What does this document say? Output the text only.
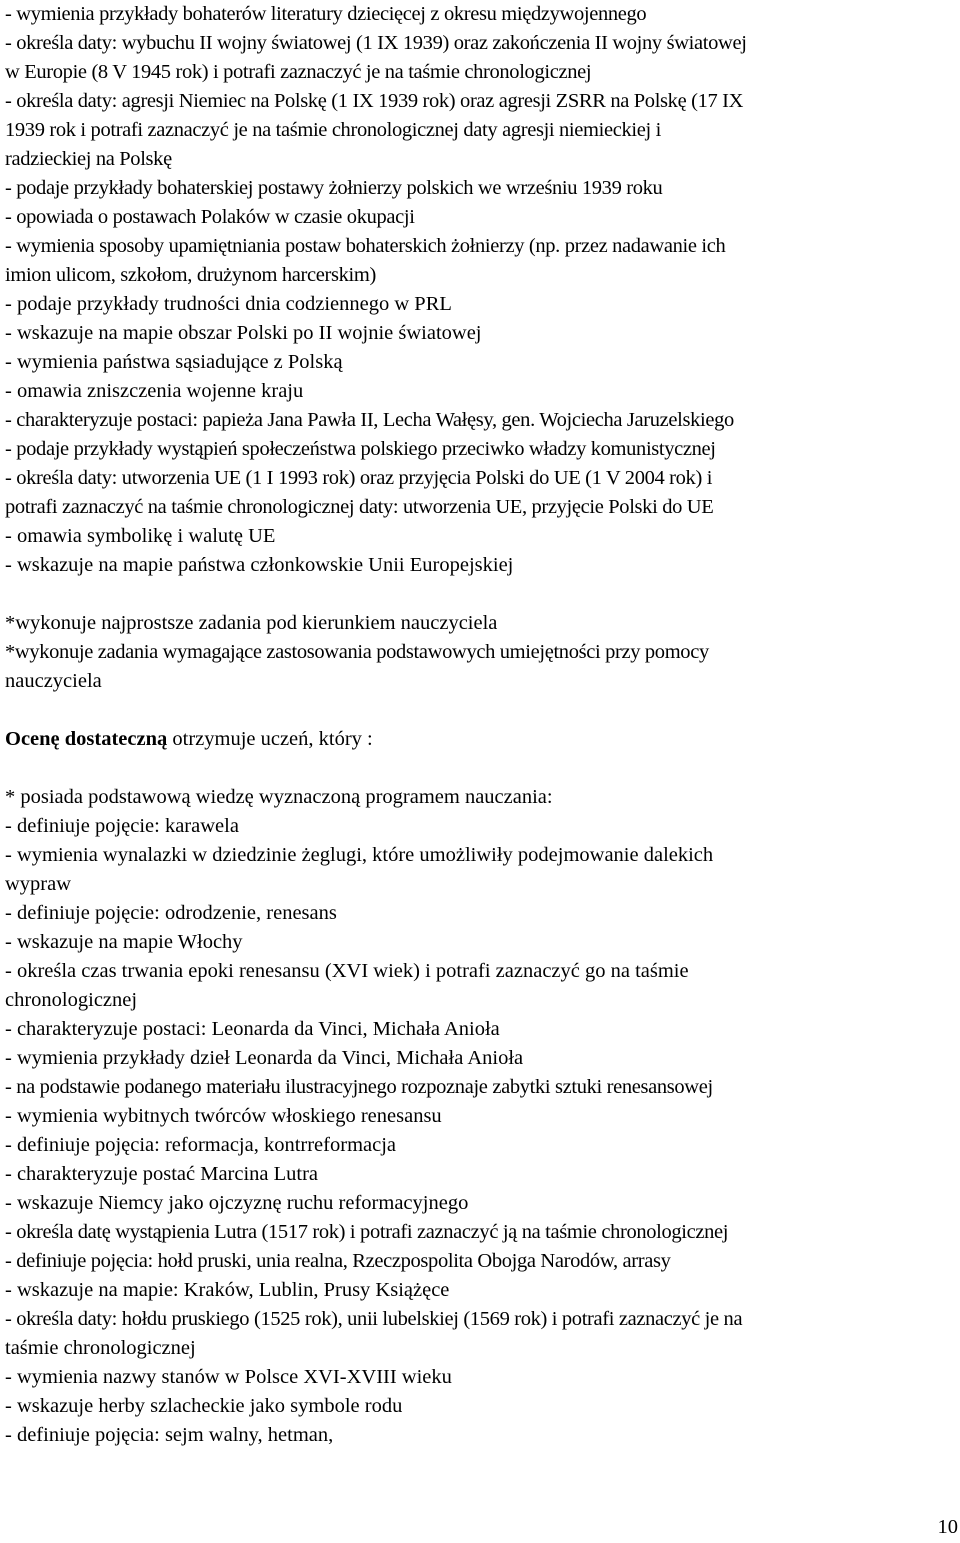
- wymienia przykłady bohaterów literatury dziecięcej z okresu międzywojennego
- określa daty: wybuchu II wojny światowej (1 IX 1939) oraz zakończenia II wojny światowej
w Europie (8 V 1945 rok) i potrafi zaznaczyć je na taśmie chronologicznej
- określa daty: agresji Niemiec na Polskę (1 IX 1939 rok) oraz agresji ZSRR na Polskę (17 IX
1939 rok i potrafi zaznaczyć je na taśmie chronologicznej daty agresji niemieckiej i
radzieckiej na Polskę
- podaje przykłady bohaterskiej postawy żołnierzy polskich we wrześniu 1939 roku
- opowiada o postawach Polaków w czasie okupacji
- wymienia sposoby upamiętniania postaw bohaterskich żołnierzy (np. przez nadawanie ich
imion ulicom, szkołom, drużynom harcerskim)
- podaje przykłady trudności dnia codziennego w PRL
- wskazuje na mapie obszar Polski po II wojnie światowej
- wymienia państwa sąsiadujące z Polską
- omawia zniszczenia wojenne kraju
- charakteryzuje postaci: papieża Jana Pawła II, Lecha Wałęsy, gen. Wojciecha Jaruzelskiego
- podaje przykłady wystąpień społeczeństwa polskiego przeciwko władzy komunistycznej
- określa daty: utworzenia UE (1 I 1993 rok) oraz przyjęcia Polski do UE (1 V 2004 rok) i
potrafi zaznaczyć na taśmie chronologicznej daty: utworzenia UE, przyjęcie Polski do UE
- omawia symbolikę i walutę UE
- wskazuje na mapie państwa członkowskie Unii Europejskiej
*wykonuje najprostsze zadania pod kierunkiem nauczyciela
*wykonuje zadania wymagające zastosowania podstawowych umiejętności przy pomocy
nauczyciela
Ocenę dostateczną otrzymuje uczeń, który :
* posiada podstawową wiedzę wyznaczoną programem nauczania:
- definiuje pojęcie: karawela
- wymienia wynalazki w dziedzinie żeglugi, które umożliwiły podejmowanie dalekich
wypraw
- definiuje pojęcie: odrodzenie, renesans
- wskazuje na mapie Włochy
- określa czas trwania epoki renesansu (XVI wiek) i potrafi zaznaczyć go na taśmie
chronologicznej
- charakteryzuje postaci: Leonarda da Vinci, Michała Anioła
- wymienia przykłady dzieł Leonarda da Vinci, Michała Anioła
- na podstawie podanego materiału ilustracyjnego rozpoznaje zabytki sztuki renesansowej
- wymienia wybitnych twórców włoskiego renesansu
- definiuje pojęcia: reformacja, kontrreformacja
- charakteryzuje postać Marcina Lutra
- wskazuje Niemcy jako ojczyznę ruchu reformacyjnego
- określa datę wystąpienia Lutra (1517 rok) i potrafi zaznaczyć ją na taśmie chronologicznej
- definiuje pojęcia: hołd pruski, unia realna, Rzeczpospolita Obojga Narodów, arrasy
- wskazuje na mapie: Kraków, Lublin, Prusy Książęce
- określa daty: hołdu pruskiego (1525 rok), unii lubelskiej (1569 rok) i potrafi zaznaczyć je na
taśmie chronologicznej
- wymienia nazwy stanów w Polsce XVI-XVIII wieku
- wskazuje herby szlacheckie jako symbole rodu
- definiuje pojęcia: sejm walny, hetman,
10
